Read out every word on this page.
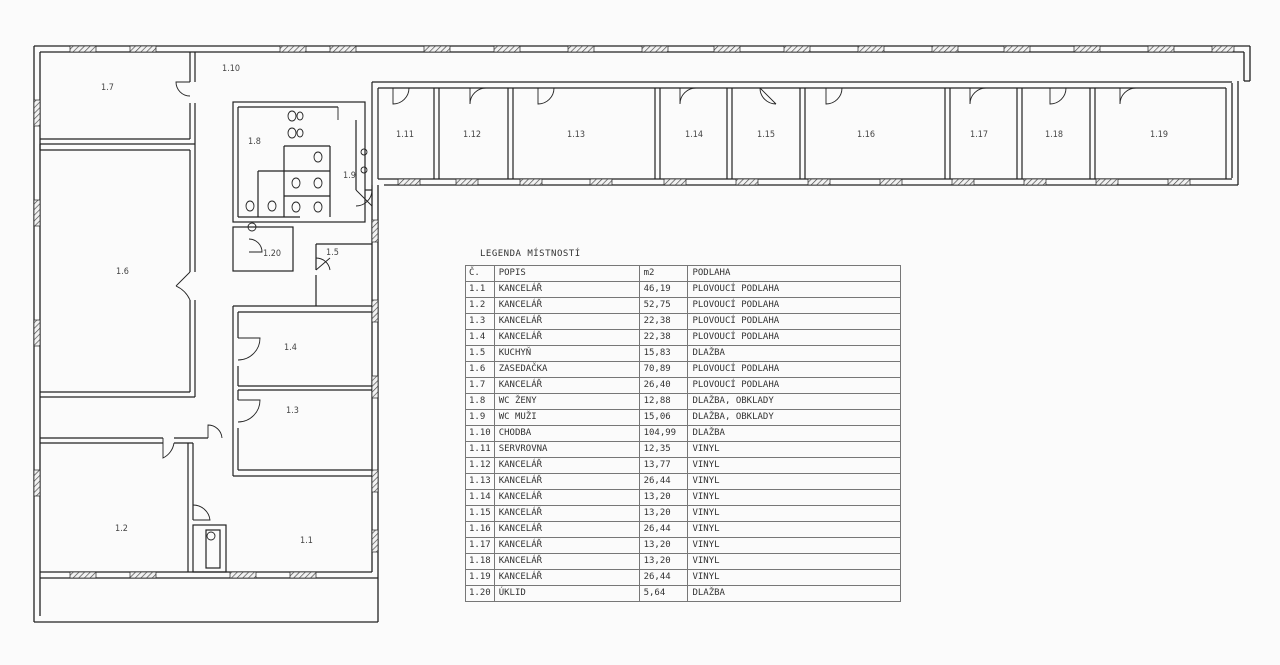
1.7
1.10
1.8
1.9
1.6
1.20	1.5
1.4
1.3
1.2
1.1
1.11	1.12	1.13	1.14	1.15	1.16	1.17	1.18	1.19
LEGENDA MÍSTNOSTÍ
Č.	POPIS	m2	PODLAHA
1.1	KANCELÁŘ	46,19	PLOVOUCÍ PODLAHA
1.2	KANCELÁŘ	52,75	PLOVOUCÍ PODLAHA
1.3	KANCELÁŘ	22,38	PLOVOUCÍ PODLAHA
1.4	KANCELÁŘ	22,38	PLOVOUCÍ PODLAHA
1.5	KUCHYŇ	15,83	DLAŽBA
1.6	ZASEDAČKA	70,89	PLOVOUCÍ PODLAHA
1.7	KANCELÁŘ	26,40	PLOVOUCÍ PODLAHA
1.8	WC ŽENY	12,88	DLAŽBA, OBKLADY
1.9	WC MUŽI	15,06	DLAŽBA, OBKLADY
1.10	CHODBA	104,99	DLAŽBA
1.11	SERVROVNA	12,35	VINYL
1.12	KANCELÁŘ	13,77	VINYL
1.13	KANCELÁŘ	26,44	VINYL
1.14	KANCELÁŘ	13,20	VINYL
1.15	KANCELÁŘ	13,20	VINYL
1.16	KANCELÁŘ	26,44	VINYL
1.17	KANCELÁŘ	13,20	VINYL
1.18	KANCELÁŘ	13,20	VINYL
1.19	KANCELÁŘ	26,44	VINYL
1.20	ÚKLID	5,64	DLAŽBA
